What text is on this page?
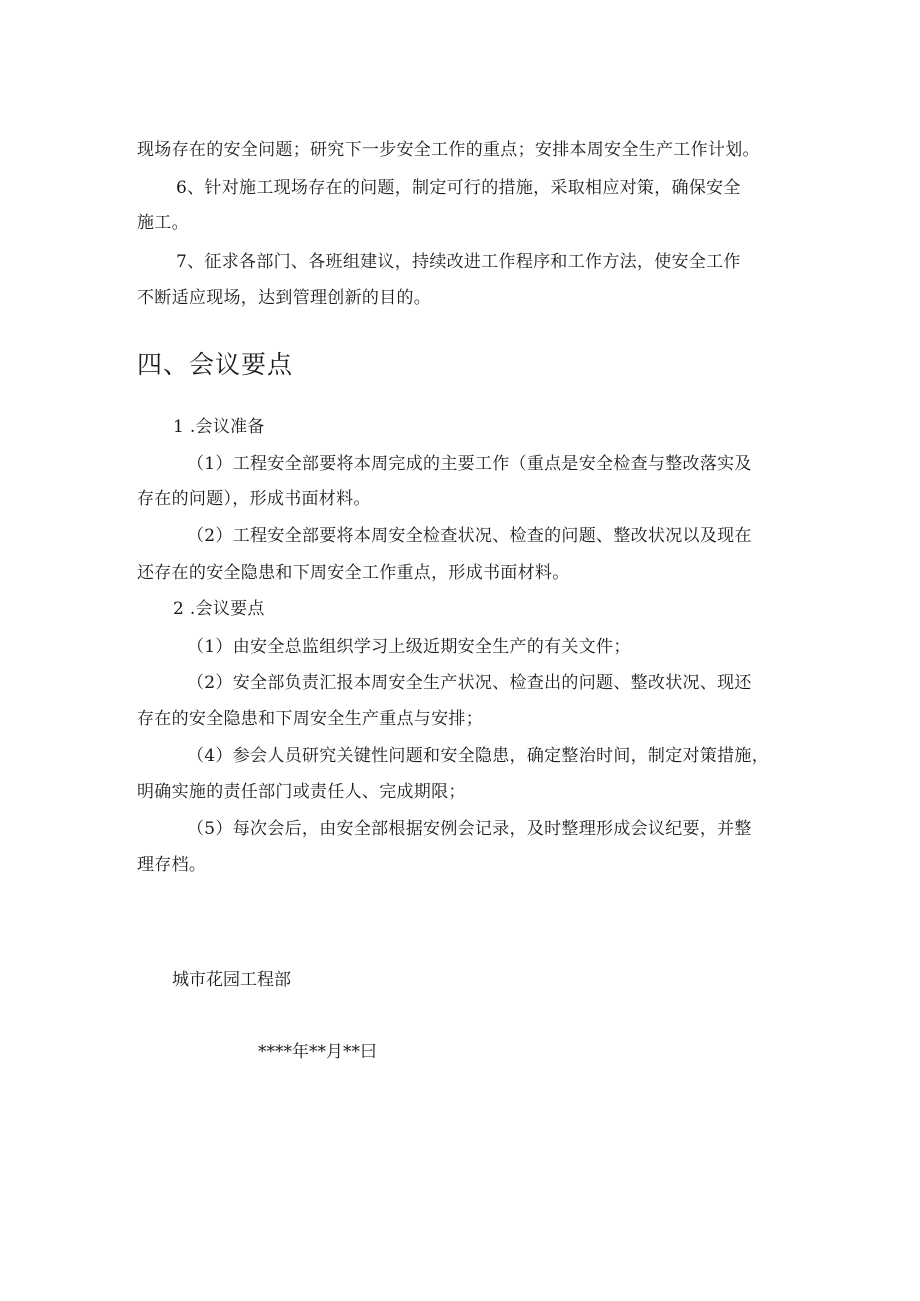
现场存在的安全问题；研究下一步安全工作的重点；安排本周安全生产工作计划。
6、针对施工现场存在的问题，制定可行的措施，采取相应对策，确保安全
施工。
7、征求各部门、各班组建议，持续改进工作程序和工作方法，使安全工作
不断适应现场，达到管理创新的目的。
四、会议要点
1 .会议准备
（1）工程安全部要将本周完成的主要工作（重点是安全检查与整改落实及
存在的问题），形成书面材料。
（2）工程安全部要将本周安全检查状况、检查的问题、整改状况以及现在
还存在的安全隐患和下周安全工作重点，形成书面材料。
2 .会议要点
（1）由安全总监组织学习上级近期安全生产的有关文件；
（2）安全部负责汇报本周安全生产状况、检查出的问题、整改状况、现还
存在的安全隐患和下周安全生产重点与安排；
（4）参会人员研究关键性问题和安全隐患，确定整治时间，制定对策措施，
明确实施的责任部门或责任人、完成期限；
（5）每次会后，由安全部根据安例会记录，及时整理形成会议纪要，并整
理存档。
城市花园工程部
****年**月**曰
